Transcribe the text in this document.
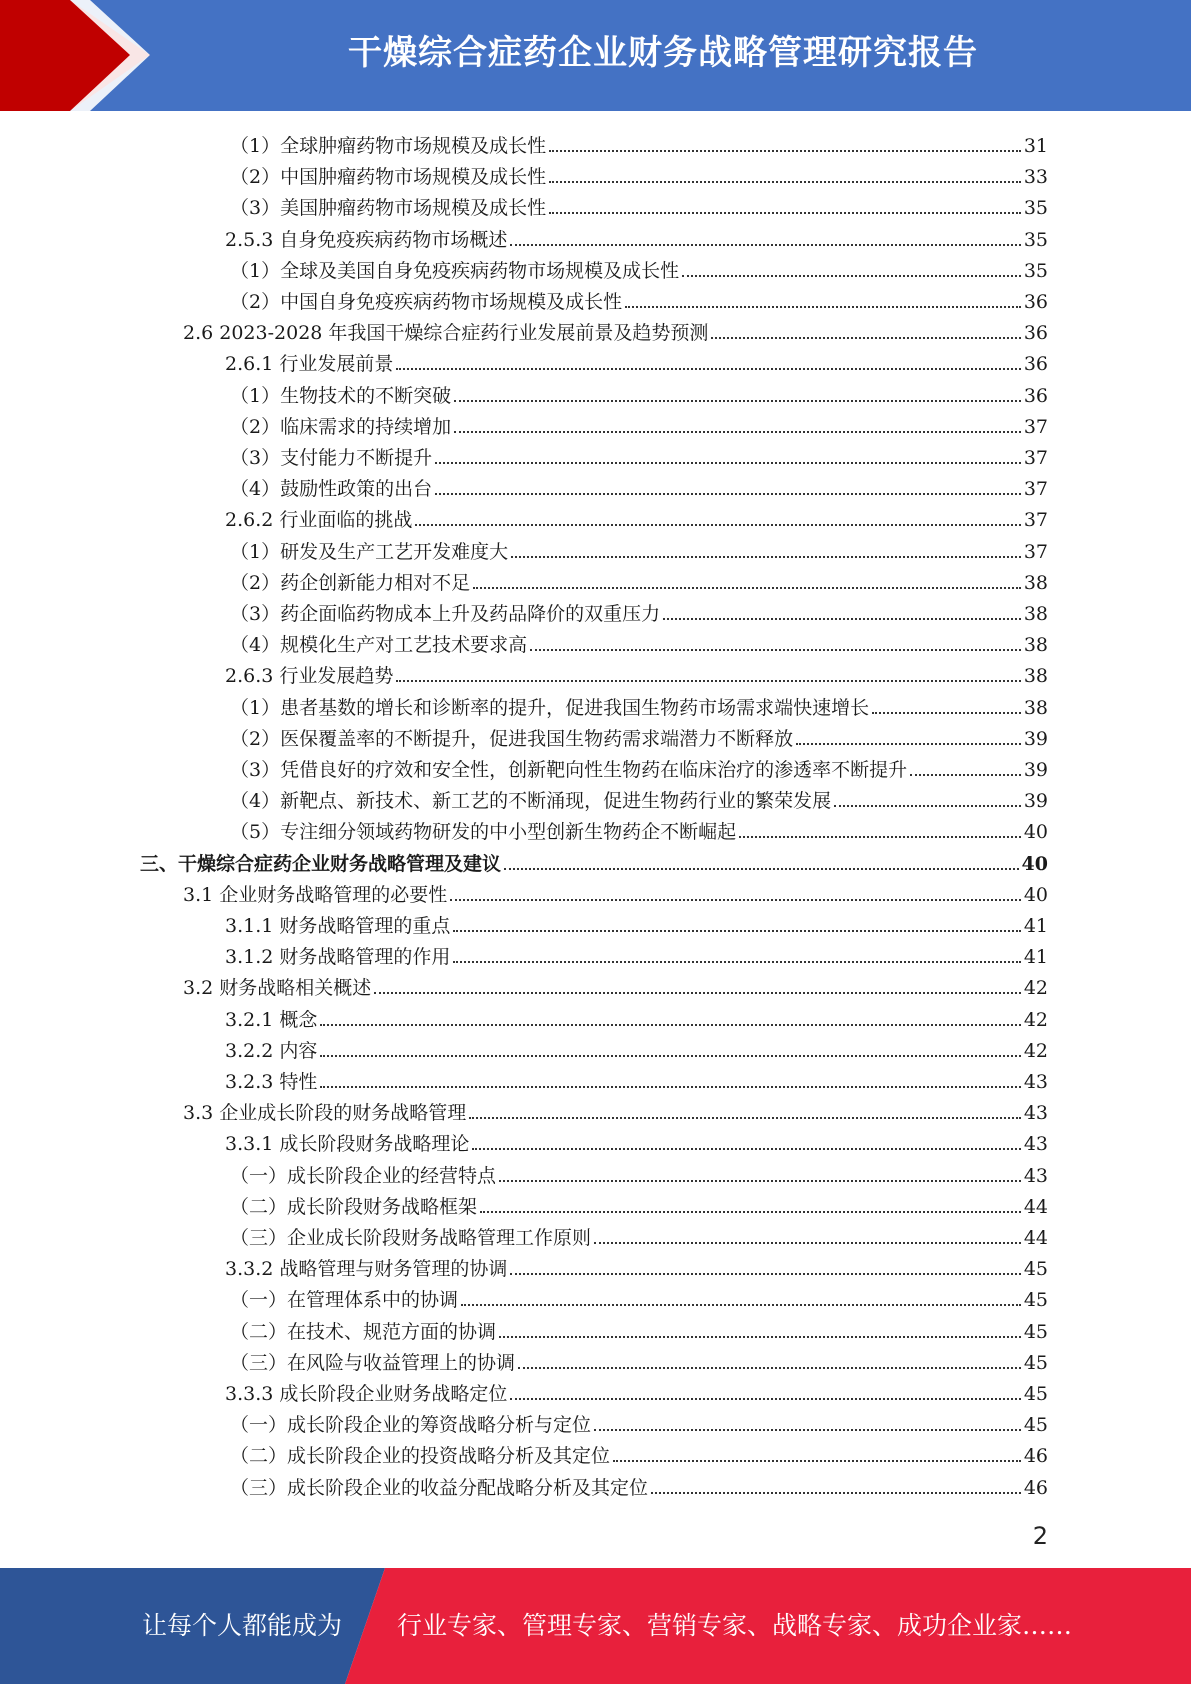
干燥综合症药企业财务战略管理研究报告
（1）全球肿瘤药物市场规模及成长性	31
（2）中国肿瘤药物市场规模及成长性	33
（3）美国肿瘤药物市场规模及成长性	35
2.5.3 自身免疫疾病药物市场概述	35
（1）全球及美国自身免疫疾病药物市场规模及成长性	35
（2）中国自身免疫疾病药物市场规模及成长性	36
2.6 2023-2028 年我国干燥综合症药行业发展前景及趋势预测	36
2.6.1 行业发展前景	36
（1）生物技术的不断突破	36
（2）临床需求的持续增加	37
（3）支付能力不断提升	37
（4）鼓励性政策的出台	37
2.6.2 行业面临的挑战	37
（1）研发及生产工艺开发难度大	37
（2）药企创新能力相对不足	38
（3）药企面临药物成本上升及药品降价的双重压力	38
（4）规模化生产对工艺技术要求高	38
2.6.3 行业发展趋势	38
（1）患者基数的增长和诊断率的提升，促进我国生物药市场需求端快速增长	38
（2）医保覆盖率的不断提升，促进我国生物药需求端潜力不断释放	39
（3）凭借良好的疗效和安全性，创新靶向性生物药在临床治疗的渗透率不断提升	39
（4）新靶点、新技术、新工艺的不断涌现，促进生物药行业的繁荣发展	39
（5）专注细分领域药物研发的中小型创新生物药企不断崛起	40
三、干燥综合症药企业财务战略管理及建议	40
3.1 企业财务战略管理的必要性	40
3.1.1 财务战略管理的重点	41
3.1.2 财务战略管理的作用	41
3.2 财务战略相关概述	42
3.2.1 概念	42
3.2.2 内容	42
3.2.3 特性	43
3.3 企业成长阶段的财务战略管理	43
3.3.1 成长阶段财务战略理论	43
（一）成长阶段企业的经营特点	43
（二）成长阶段财务战略框架	44
（三）企业成长阶段财务战略管理工作原则	44
3.3.2 战略管理与财务管理的协调	45
（一）在管理体系中的协调	45
（二）在技术、规范方面的协调	45
（三）在风险与收益管理上的协调	45
3.3.3 成长阶段企业财务战略定位	45
（一）成长阶段企业的筹资战略分析与定位	45
（二）成长阶段企业的投资战略分析及其定位	46
（三）成长阶段企业的收益分配战略分析及其定位	46
2
让每个人都能成为 行业专家、管理专家、营销专家、战略专家、成功企业家……
